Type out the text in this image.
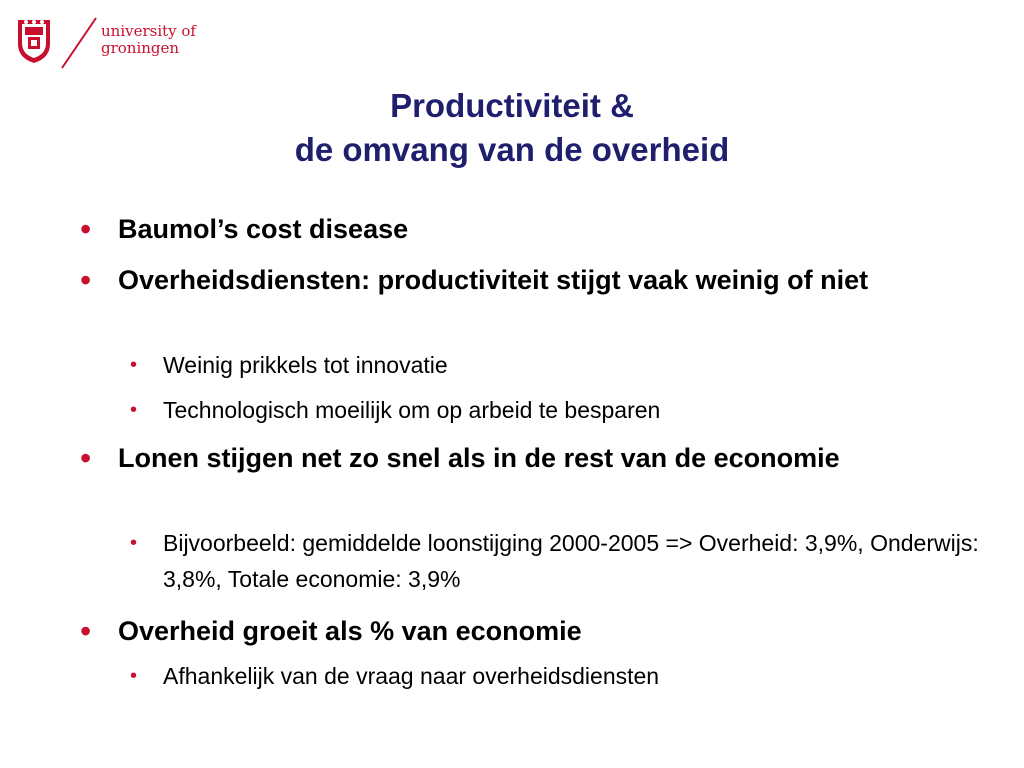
university of
groningen
Productiviteit &
de omvang van de overheid
• Baumol’s cost disease
• Overheidsdiensten: productiviteit stijgt vaak weinig of niet
• Weinig prikkels tot innovatie
• Technologisch moeilijk om op arbeid te besparen
• Lonen stijgen net zo snel als in de rest van de economie
• Bijvoorbeeld: gemiddelde loonstijging 2000-2005 => Overheid: 3,9%, Onderwijs: 3,8%, Totale economie: 3,9%
• Overheid groeit als % van economie
• Afhankelijk van de vraag naar overheidsdiensten
